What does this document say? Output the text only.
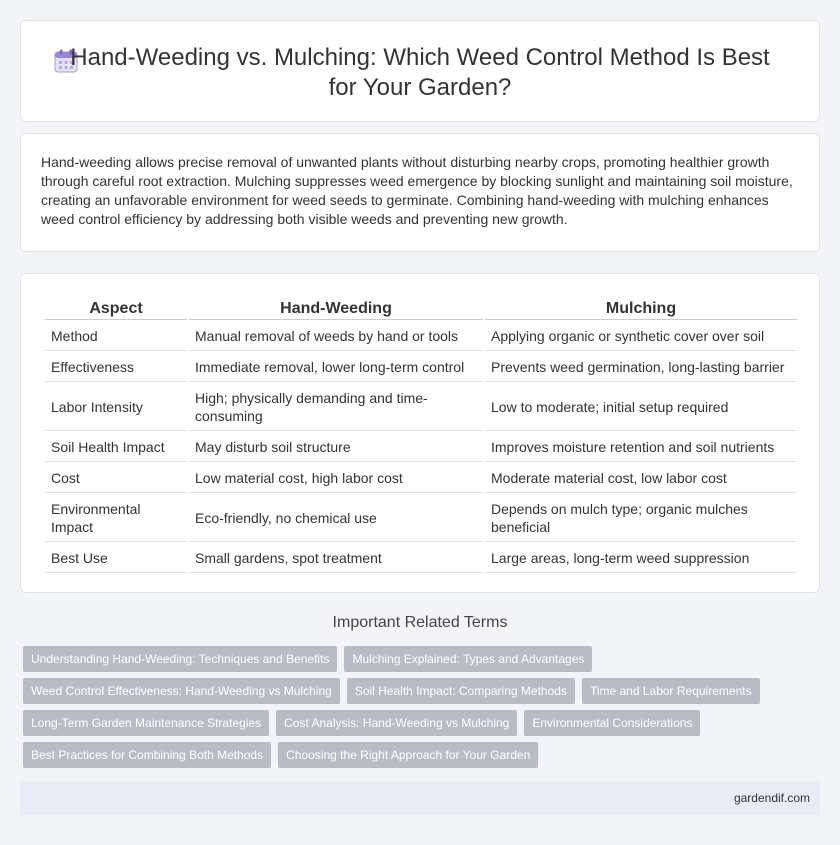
Hand-Weeding vs. Mulching: Which Weed Control Method Is Best for Your Garden?

Hand-weeding allows precise removal of unwanted plants without disturbing nearby crops, promoting healthier growth through careful root extraction. Mulching suppresses weed emergence by blocking sunlight and maintaining soil moisture, creating an unfavorable environment for weed seeds to germinate. Combining hand-weeding with mulching enhances weed control efficiency by addressing both visible weeds and preventing new growth.

Aspect	Hand-Weeding	Mulching
Method	Manual removal of weeds by hand or tools	Applying organic or synthetic cover over soil
Effectiveness	Immediate removal, lower long-term control	Prevents weed germination, long-lasting barrier
Labor Intensity	High; physically demanding and time-consuming	Low to moderate; initial setup required
Soil Health Impact	May disturb soil structure	Improves moisture retention and soil nutrients
Cost	Low material cost, high labor cost	Moderate material cost, low labor cost
Environmental Impact	Eco-friendly, no chemical use	Depends on mulch type; organic mulches beneficial
Best Use	Small gardens, spot treatment	Large areas, long-term weed suppression
Important Related Terms
Understanding Hand-Weeding: Techniques and Benefits	Mulching Explained: Types and Advantages
Weed Control Effectiveness: Hand-Weeding vs Mulching	Soil Health Impact: Comparing Methods	Time and Labor Requirements
Long-Term Garden Maintenance Strategies	Cost Analysis: Hand-Weeding vs Mulching	Environmental Considerations
Best Practices for Combining Both Methods	Choosing the Right Approach for Your Garden
gardendif.com
